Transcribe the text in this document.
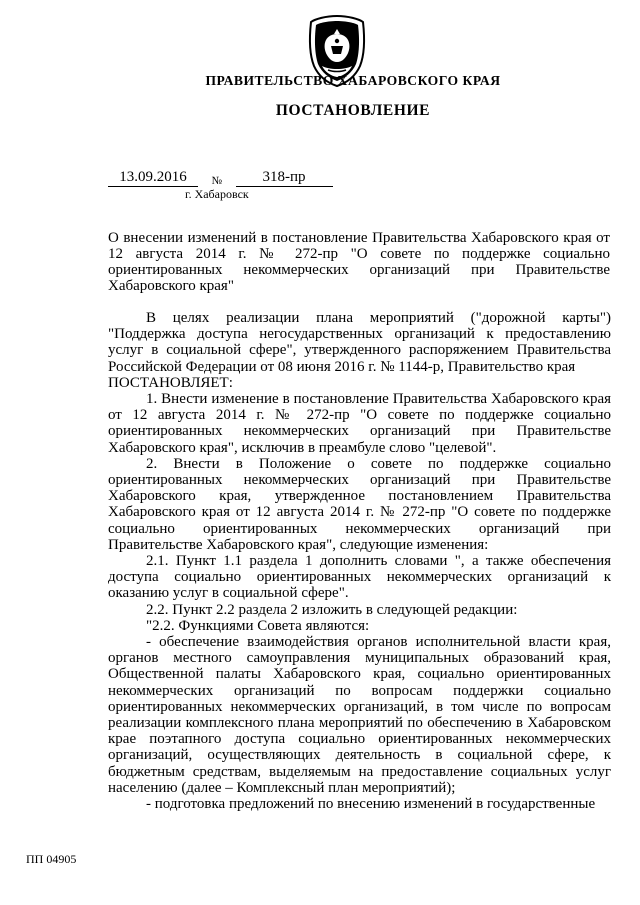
ПРАВИТЕЛЬСТВО ХАБАРОВСКОГО КРАЯ
ПОСТАНОВЛЕНИЕ
13.09.2016 №	318-пр
г. Хабаровск
О внесении изменений в постановление Правительства Хабаровского края от 12 августа 2014 г. № 272-пр "О совете по поддержке социально ориентированных некоммерческих организаций при Правительстве Хабаровского края"

В целях реализации плана мероприятий ("дорожной карты") "Поддержка доступа негосударственных организаций к предоставлению услуг в социальной сфере", утвержденного распоряжением Правительства Российской Федерации от 08 июня 2016 г. № 1144-р, Правительство края

ПОСТАНОВЛЯЕТ:

1. Внести изменение в постановление Правительства Хабаровского края от 12 августа 2014 г. № 272-пр "О совете по поддержке социально ориентированных некоммерческих организаций при Правительстве Хабаровского края", исключив в преамбуле слово "целевой".

2. Внести в Положение о совете по поддержке социально ориентированных некоммерческих организаций при Правительстве Хабаровского края, утвержденное постановлением Правительства Хабаровского края от 12 августа 2014 г. № 272-пр "О совете по поддержке социально ориентированных некоммерческих организаций при Правительстве Хабаровского края", следующие изменения:

2.1. Пункт 1.1 раздела 1 дополнить словами ", а также обеспечения доступа социально ориентированных некоммерческих организаций к оказанию услуг в социальной сфере".

2.2. Пункт 2.2 раздела 2 изложить в следующей редакции:

"2.2. Функциями Совета являются:

- обеспечение взаимодействия органов исполнительной власти края, органов местного самоуправления муниципальных образований края, Общественной палаты Хабаровского края, социально ориентированных некоммерческих организаций по вопросам поддержки социально ориентированных некоммерческих организаций, в том числе по вопросам реализации комплексного плана мероприятий по обеспечению в Хабаровском крае поэтапного доступа социально ориентированных некоммерческих организаций, осуществляющих деятельность в социальной сфере, к бюджетным средствам, выделяемым на предоставление социальных услуг населению (далее – Комплексный план мероприятий);

- подготовка предложений по внесению изменений в государственные

ПП 04905
